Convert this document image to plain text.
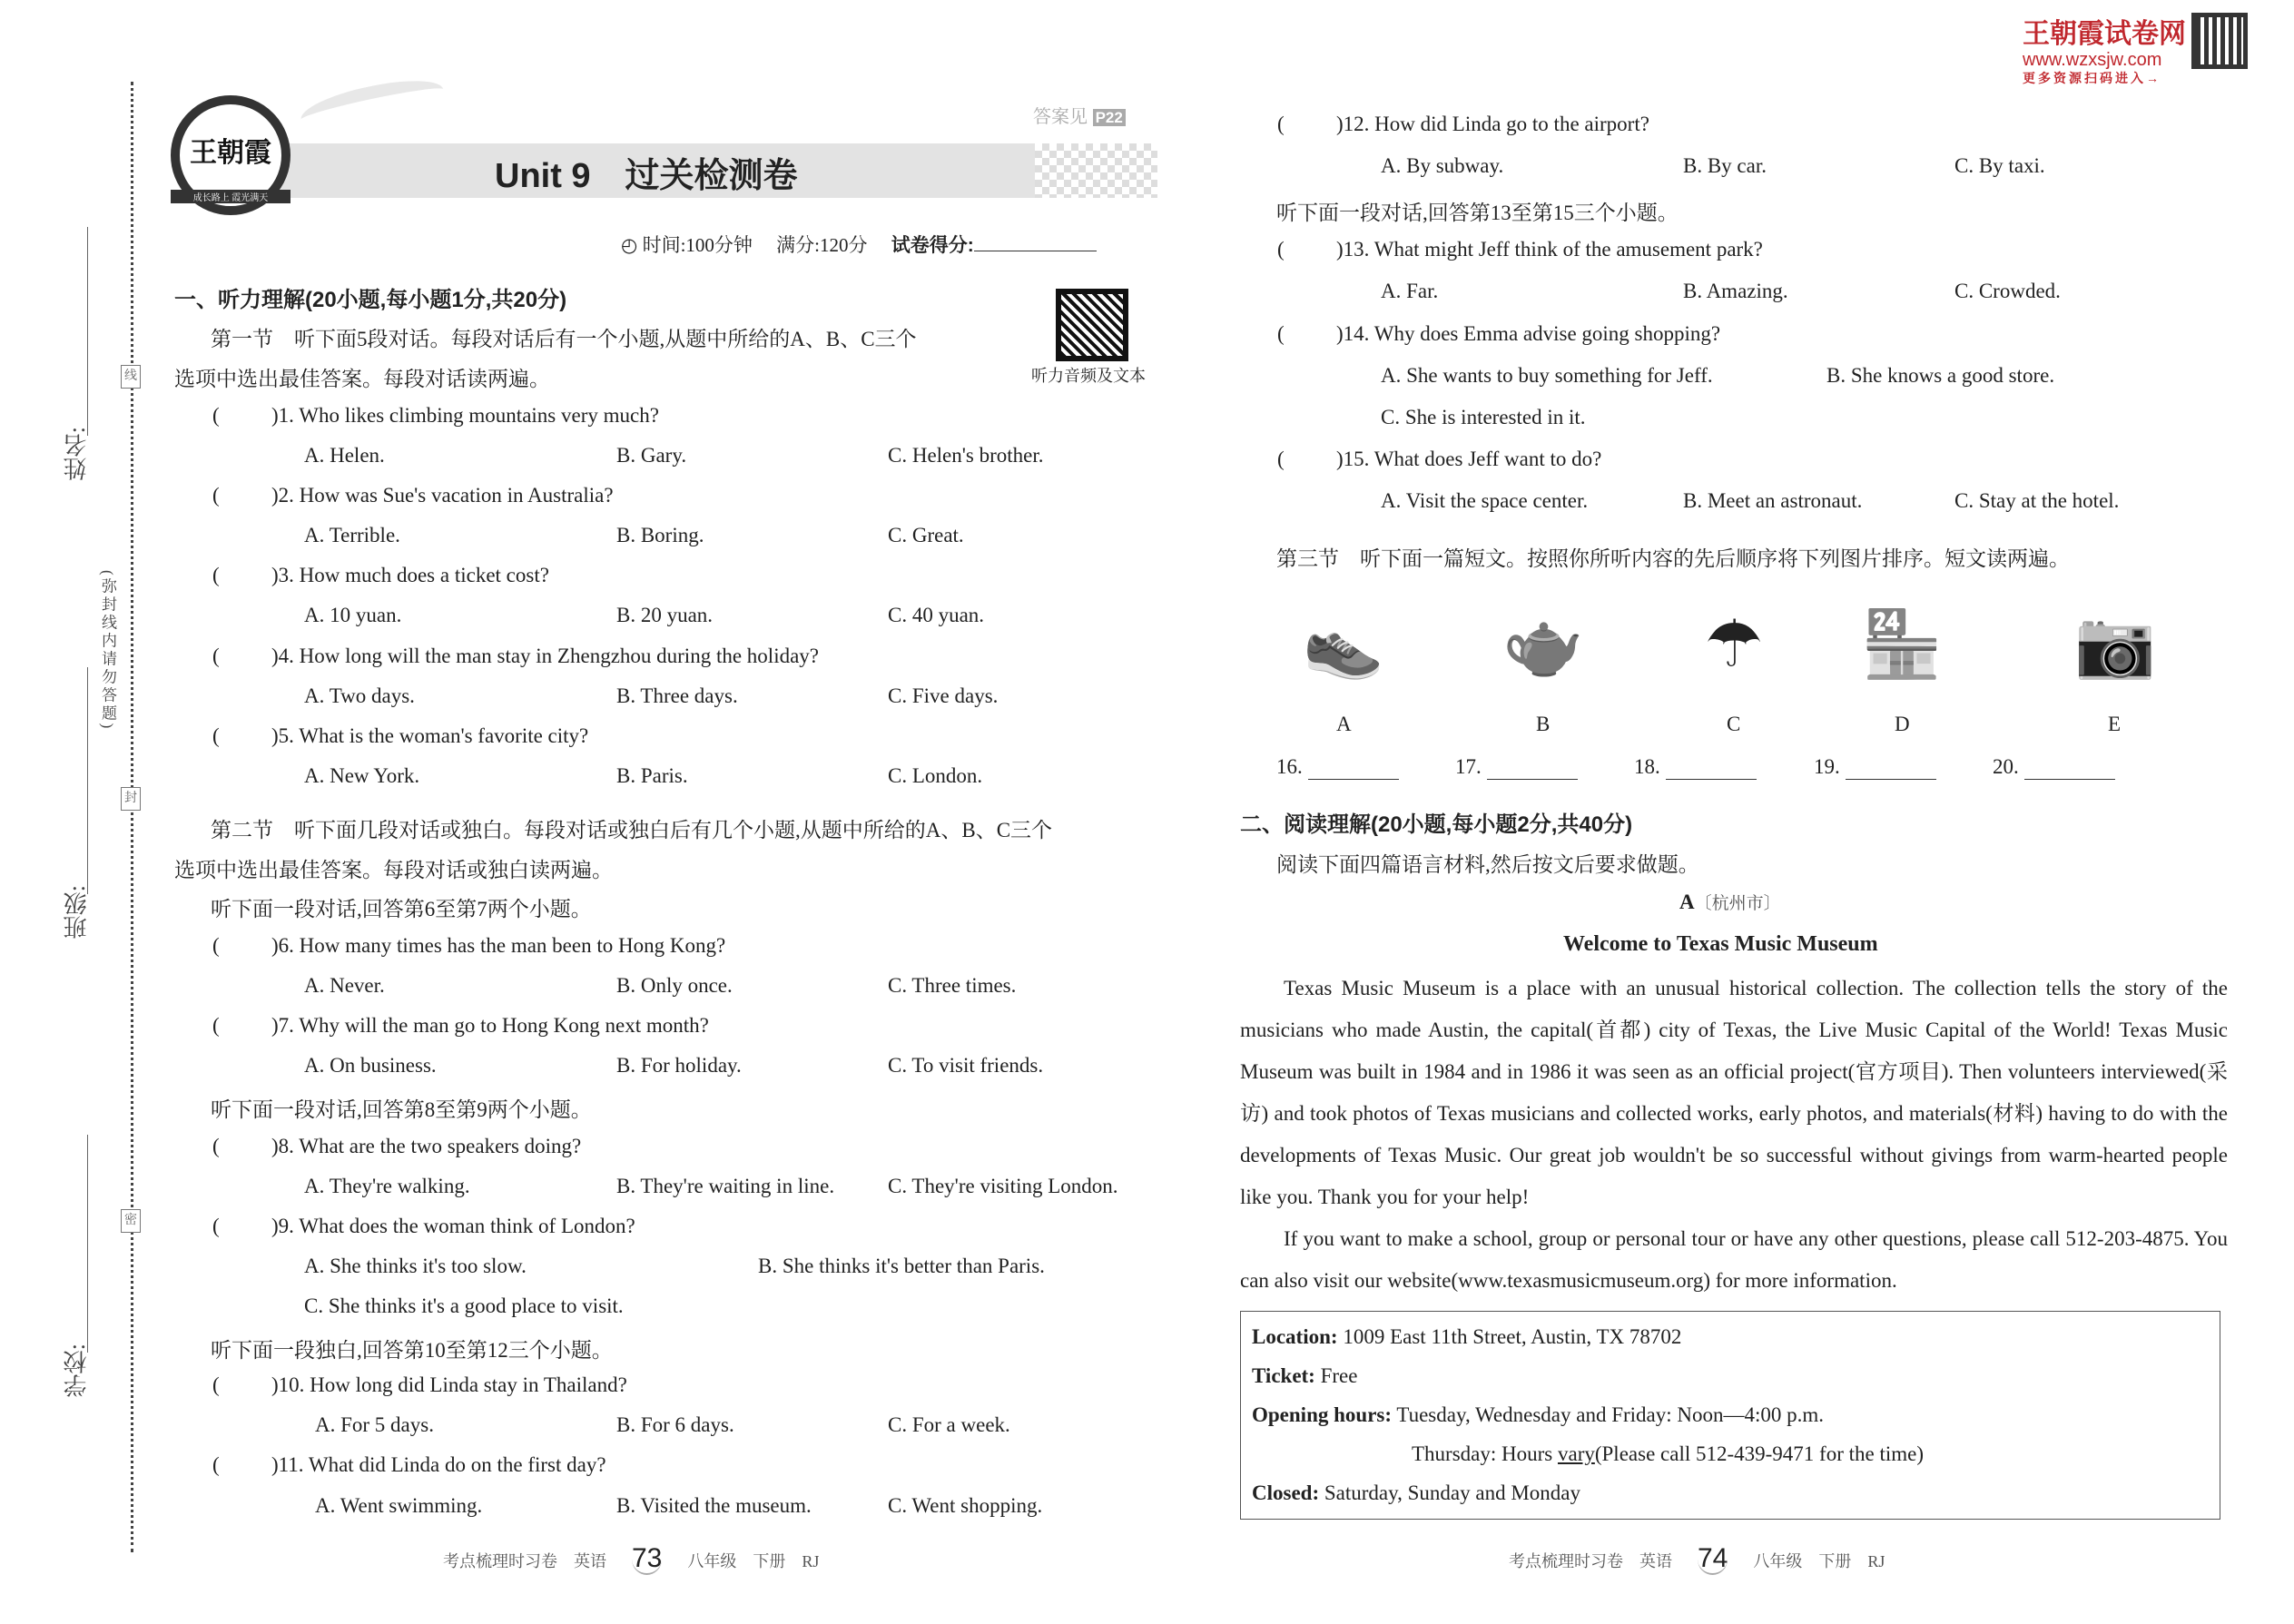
王朝霞试卷网
www.wzxsjw.com
更多资源扫码进入→
姓名:
班级:
学校:
(弥封线内请勿答题)
线
封
密
王朝霞
成长路上 霞光满天
答案见 P22
Unit 9　过关检测卷
◴ 时间:100分钟　 满分:120分　 试卷得分:
听力音频及文本
( )1. Who likes climbing mountains very much?
A. Helen.	B. Gary.	C. Helen's brother.
( )2. How was Sue's vacation in Australia?
A. Terrible.	B. Boring.	C. Great.
( )3. How much does a ticket cost?
A. 10 yuan.	B. 20 yuan.	C. 40 yuan.
( )4. How long will the man stay in Zhengzhou during the holiday?
A. Two days.	B. Three days.	C. Five days.
( )5. What is the woman's favorite city?
A. New York.	B. Paris.	C. London.
( )6. How many times has the man been to Hong Kong?
A. Never.	B. Only once.	C. Three times.
( )7. Why will the man go to Hong Kong next month?
A. On business.	B. For holiday.	C. To visit friends.
( )8. What are the two speakers doing?
A. They're walking.	B. They're waiting in line.	C. They're visiting London.
( )9. What does the woman think of London?
A. She thinks it's too slow.	B. She thinks it's better than Paris.
C. She thinks it's a good place to visit.
( )10. How long did Linda stay in Thailand?
A. For 5 days.	B. For 6 days.	C. For a week.
( )11. What did Linda do on the first day?
A. Went swimming.	B. Visited the museum.	C. Went shopping.
( )12. How did Linda go to the airport?
A. By subway.	B. By car.	C. By taxi.
( )13. What might Jeff think of the amusement park?
A. Far.	B. Amazing.	C. Crowded.
( )14. Why does Emma advise going shopping?
A. She wants to buy something for Jeff.	B. She knows a good store.
C. She is interested in it.
( )15. What does Jeff want to do?
A. Visit the space center.	B. Meet an astronaut.	C. Stay at the hotel.
一、听力理解(20小题,每小题1分,共20分)
第一节　听下面5段对话。每段对话后有一个小题,从题中所给的A、B、C三个
选项中选出最佳答案。每段对话读两遍。
第二节　听下面几段对话或独白。每段对话或独白后有几个小题,从题中所给的A、B、C三个
选项中选出最佳答案。每段对话或独白读两遍。
听下面一段对话,回答第6至第7两个小题。
听下面一段对话,回答第8至第9两个小题。
听下面一段独白,回答第10至第12三个小题。
听下面一段对话,回答第13至第15三个小题。
第三节　听下面一篇短文。按照你所听内容的先后顺序将下列图片排序。短文读两遍。
👟
A
16.
🫖
B
17.
☂
C
18.
🏪
D
19.
📷
E
20.
二、阅读理解(20小题,每小题2分,共40分)
阅读下面四篇语言材料,然后按文后要求做题。
A〔杭州市〕
Welcome to Texas Music Museum
Texas Music Museum is a place with an unusual historical collection. The collection tells the story of the musicians who made Austin, the capital(首都) city of Texas, the Live Music Capital of the World! Texas Music Museum was built in 1984 and in 1986 it was seen as an official project(官方项目). Then volunteers interviewed(采访) and took photos of Texas musicians and collected works, early photos, and materials(材料) having to do with the developments of Texas Music. Our great job wouldn't be so successful without givings from warm-hearted people like you. Thank you for your help!
If you want to make a school, group or personal tour or have any other questions, please call 512-203-4875. You can also visit our website(www.texasmusicmuseum.org) for more information.
Location: 1009 East 11th Street, Austin, TX 78702
Ticket: Free
Opening hours: Tuesday, Wednesday and Friday: Noon—4:00 p.m.
Thursday: Hours vary(Please call 512-439-9471 for the time)
Closed: Saturday, Sunday and Monday
考点梳理时习卷　英语 73 八年级　下册　RJ	考点梳理时习卷　英语 74 八年级　下册　RJ
